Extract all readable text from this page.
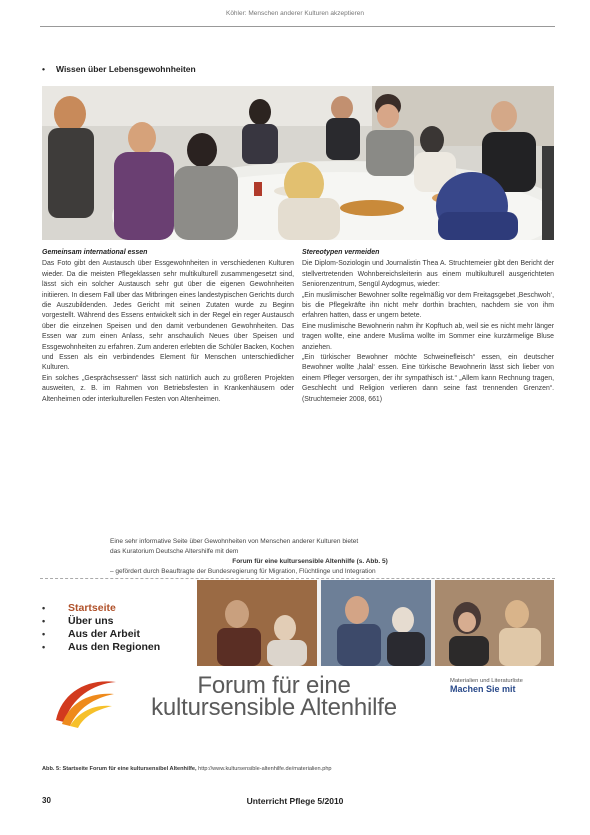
Köhler: Menschen anderer Kulturen akzeptieren
• Wissen über Lebensgewohnheiten
Gemeinsam international essen

Das Foto gibt den Austausch über Essgewohnheiten in verschiedenen Kulturen wieder. Da die meisten Pflegeklassen sehr multikulturell zusammengesetzt sind, lässt sich ein solcher Austausch sehr gut über die eigenen Gewohnheiten initiieren. In diesem Fall über das Mitbringen eines landestypischen Gerichts durch die Auszubildenden. Jedes Gericht mit seinen Zutaten wurde zu Beginn vorgestellt. Während des Essens entwickelt sich in der Regel ein reger Austausch über die einzelnen Speisen und den damit verbundenen Gewohnheiten. Das Essen war zum einen Anlass, sehr anschaulich Neues über Speisen und Essgewohnheiten zu erfahren. Zum anderen erlebten die Schüler Backen, Kochen und Essen als ein verbindendes Element für Menschen unterschiedlicher Kulturen.

Ein solches „Gesprächsessen“ lässt sich natürlich auch zu größeren Projekten ausweiten, z. B. im Rahmen von Betriebsfesten in Krankenhäusern oder Altenheimen oder interkulturellen Festen von Altenheimen.

Stereotypen vermeiden

Die Diplom-Soziologin und Journalistin Thea A. Struchtemeier gibt den Bericht der stellvertretenden Wohnbereichsleiterin aus einem multikulturell ausgerichteten Seniorenzentrum, Sengül Aydogmus, wieder:

„Ein muslimischer Bewohner sollte regelmäßig vor dem Freitagsgebet ‚Beschwoh‘, bis die Pflegekräfte ihn nicht mehr dorthin brachten, nachdem sie von ihm erfahren hatten, dass er ungern betete.

Eine muslimische Bewohnerin nahm ihr Kopftuch ab, weil sie es nicht mehr länger tragen wollte, eine andere Muslima wollte im Sommer eine kurzärmelige Bluse anziehen.

„Ein türkischer Bewohner möchte Schweinefleisch“ essen, ein deutscher Bewohner wollte ‚halal‘ essen. Eine türkische Bewohnerin lässt sich lieber von einem Pfleger versorgen, der ihr sympathisch ist.“ „Allem kann Rechnung tragen, Geschlecht und Religion verlieren dann seine fast trennenden Grenzen“. (Struchtemeier 2008, 661)

Eine sehr informative Seite über Gewohnheiten von Menschen anderer Kulturen bietet
das Kuratorium Deutsche Altershilfe mit dem
Forum für eine kultursensible Altenhilfe (s. Abb. 5)
– gefördert durch Beauftragte der Bundesregierung für Migration, Flüchtlinge und Integration
• Startseite
• Über uns
• Aus der Arbeit
• Aus den Regionen
Forum für eine
kultursensible Altenhilfe
Materialien und Literaturliste
Machen Sie mit
Abb. 5: Startseite Forum für eine kultursensibel Altenhilfe, http://www.kultursensible-altenhilfe.de/materialien.php
Unterricht Pflege 5/2010
30
